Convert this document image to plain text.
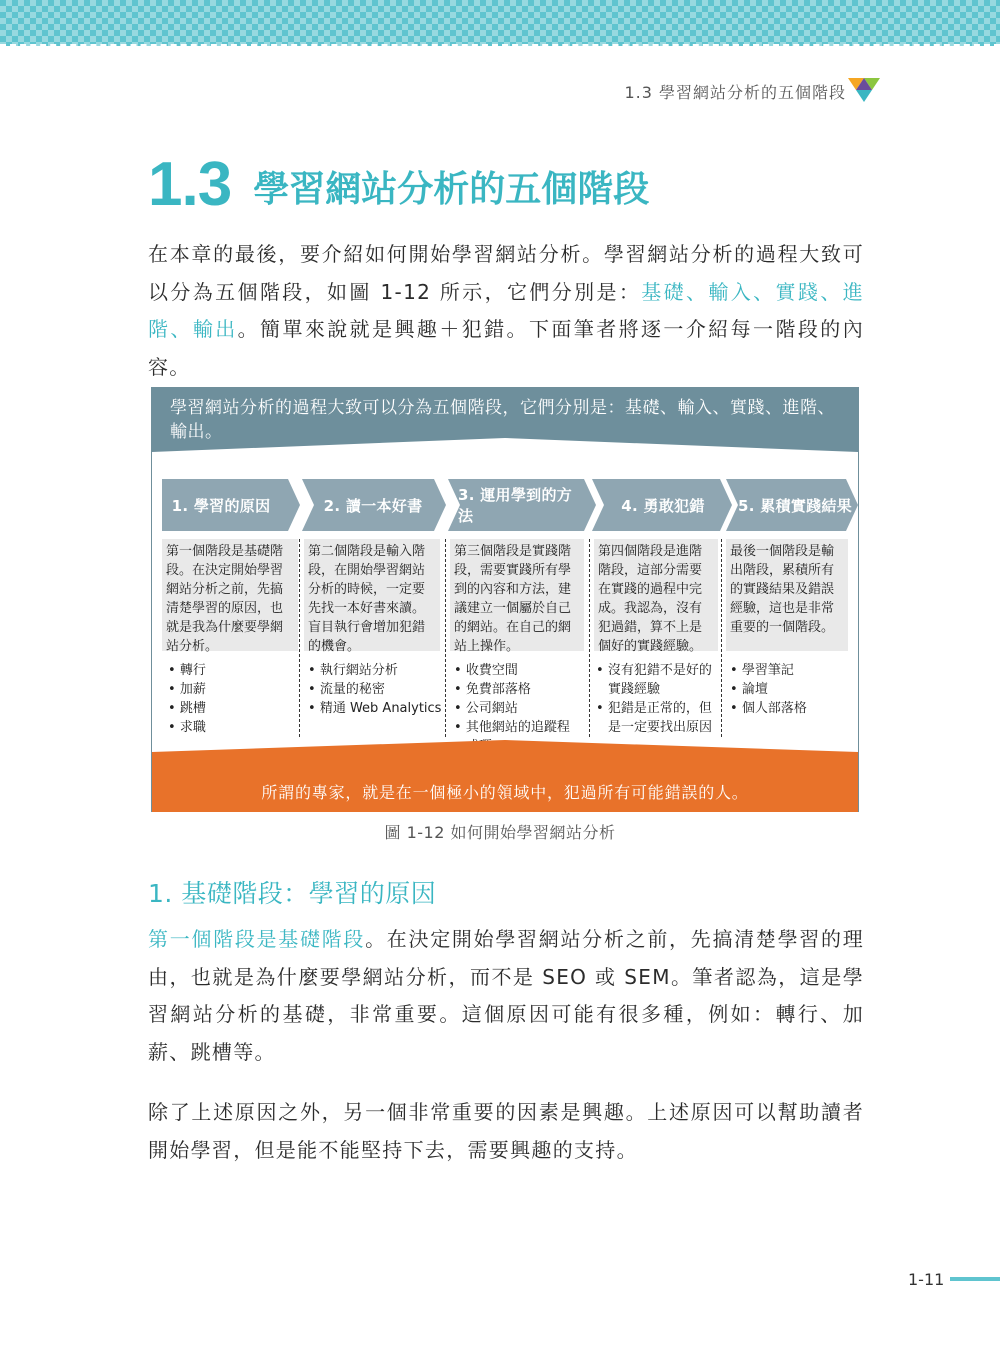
1.3 學習網站分析的五個階段
1.3 學習網站分析的五個階段

在本章的最後，要介紹如何開始學習網站分析。學習網站分析的過程大致可以分為五個階段，如圖 1-12 所示，它們分別是：基礎、輸入、實踐、進階、輸出。簡單來說就是興趣＋犯錯。下面筆者將逐一介紹每一階段的內容。

學習網站分析的過程大致可以分為五個階段，它們分別是：基礎、輸入、實踐、進階、輸出。
1. 學習的原因	2. 讀一本好書
3. 運用學到的方法
4. 勇敢犯錯	5. 累積實踐結果
第一個階段是基礎階段。在決定開始學習網站分析之前，先搞清楚學習的原因，也就是我為什麼要學網站分析。
第二個階段是輸入階段，在開始學習網站分析的時候，一定要先找一本好書來讀。盲目執行會增加犯錯的機會。
第三個階段是實踐階段，需要實踐所有學到的內容和方法，建議建立一個屬於自己的網站。在自己的網站上操作。
第四個階段是進階階段，這部分需要在實踐的過程中完成。我認為，沒有犯過錯，算不上是個好的實踐經驗。
最後一個階段是輸出階段，累積所有的實踐結果及錯誤經驗，這也是非常重要的一個階段。
• 轉行
• 加薪
• 跳槽
• 求職
• 執行網站分析
• 流量的秘密
• 精通 Web Analytics
• 收費空間
• 免費部落格
• 公司網站
• 其他網站的追蹤程
• 沒有犯錯不是好的實踐經驗
• 犯錯是正常的，但是一定要找出原因
• 學習筆記
• 論壇
• 個人部落格
所謂的專家，就是在一個極小的領域中，犯過所有可能錯誤的人。
圖 1-12 如何開始學習網站分析
1. 基礎階段：學習的原因

第一個階段是基礎階段。在決定開始學習網站分析之前，先搞清楚學習的理由，也就是為什麼要學網站分析，而不是 SEO 或 SEM。筆者認為，這是學習網站分析的基礎，非常重要。這個原因可能有很多種，例如：轉行、加薪、跳槽等。

除了上述原因之外，另一個非常重要的因素是興趣。上述原因可以幫助讀者開始學習，但是能不能堅持下去，需要興趣的支持。

1-11
